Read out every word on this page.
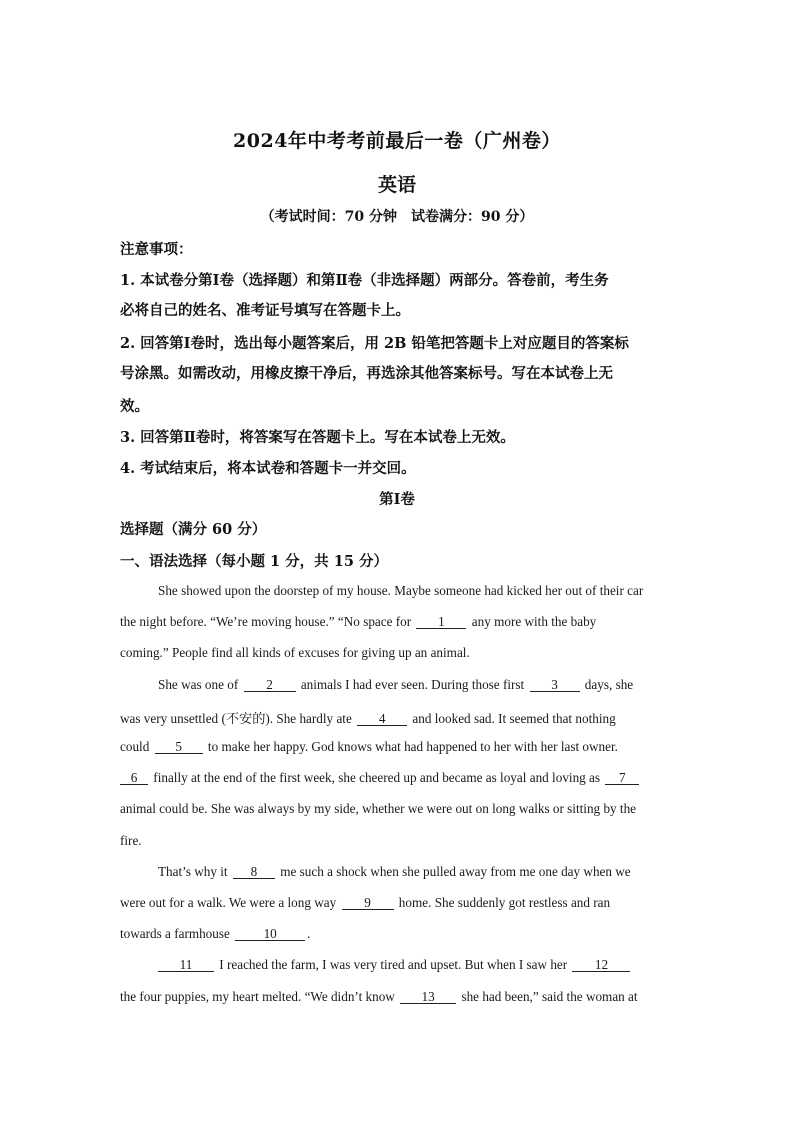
2024年中考考前最后一卷（广州卷）
英语
（考试时间：70 分钟　试卷满分：90 分）
注意事项：
1. 本试卷分第Ⅰ卷（选择题）和第Ⅱ卷（非选择题）两部分。答卷前，考生务
必将自己的姓名、准考证号填写在答题卡上。
2. 回答第Ⅰ卷时，选出每小题答案后，用 2B 铅笔把答题卡上对应题目的答案标
号涂黑。如需改动，用橡皮擦干净后，再选涂其他答案标号。写在本试卷上无
效。
3. 回答第Ⅱ卷时，将答案写在答题卡上。写在本试卷上无效。
4. 考试结束后，将本试卷和答题卡一并交回。
第Ⅰ卷
选择题（满分 60 分）
一、语法选择（每小题 1 分，共 15 分）
She showed upon the doorstep of my house. Maybe someone had kicked her out of their car
the night before. “We’re moving house.” “No space for 1 any more with the baby
coming.” People find all kinds of excuses for giving up an animal.
She was one of 2 animals I had ever seen. During those first 3 days, she
was very unsettled (不安的). She hardly ate 4 and looked sad. It seemed that nothing
could 5 to make her happy. God knows what had happened to her with her last owner.
6 finally at the end of the first week, she cheered up and became as loyal and loving as 7
animal could be. She was always by my side, whether we were out on long walks or sitting by the
fire.
That’s why it 8 me such a shock when she pulled away from me one day when we
were out for a walk. We were a long way 9 home. She suddenly got restless and ran
towards a farmhouse	10 .
11 I reached the farm, I was very tired and upset. But when I saw her 12
the four puppies, my heart melted. “We didn’t know 13 she had been,” said the woman at
